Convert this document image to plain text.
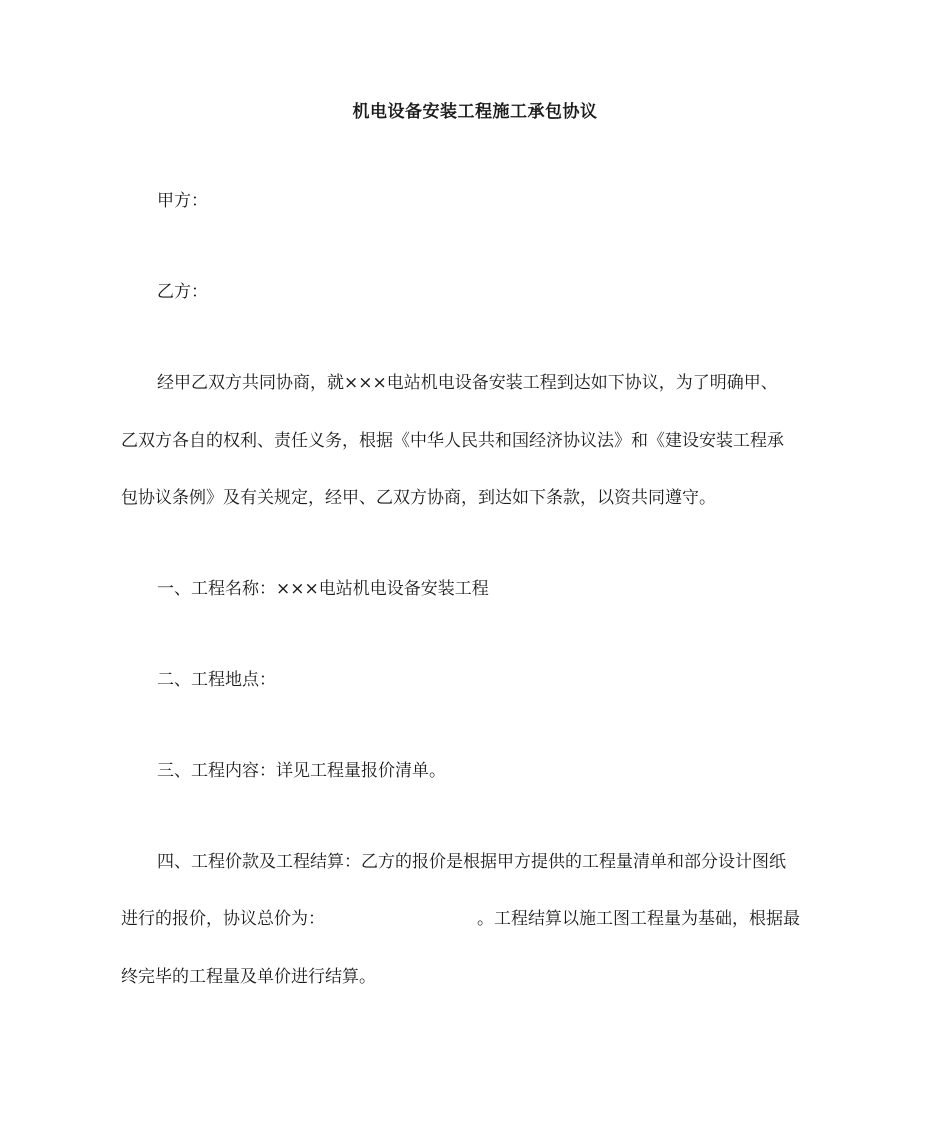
机电设备安装工程施工承包协议
甲方：
乙方：
经甲乙双方共同协商，就×××电站机电设备安装工程到达如下协议，为了明确甲、
乙双方各自的权利、责任义务，根据《中华人民共和国经济协议法》和《建设安装工程承
包协议条例》及有关规定，经甲、乙双方协商，到达如下条款，以资共同遵守。
一、工程名称：×××电站机电设备安装工程
二、工程地点：
三、工程内容：详见工程量报价清单。
四、工程价款及工程结算：乙方的报价是根据甲方提供的工程量清单和部分设计图纸
进行的报价，协议总价为：	。工程结算以施工图工程量为基础，根据最
终完毕的工程量及单价进行结算。
